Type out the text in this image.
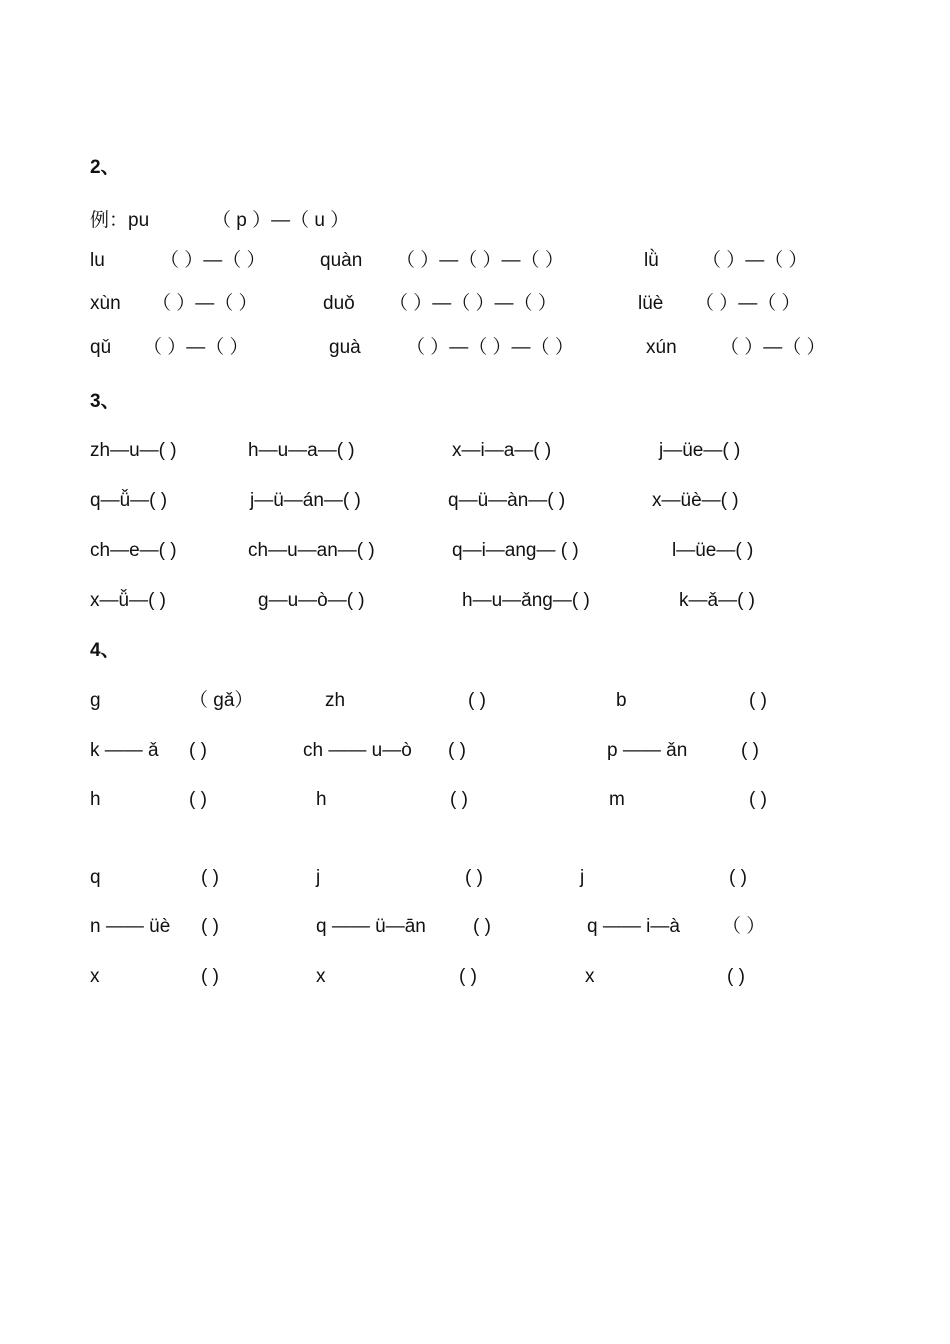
2、
例：pu	（ p ）—（ u ）
lu	（ ）—（ ）	quàn （ ）—（ ）—（ ）	lǜ （ ）—（ ）
xùn （ ）—（ ）	duǒ （ ）—（ ）—（ ）	lüè （ ）—（ ）
qǔ （ ）—（ ）	guà （ ）—（ ）—（ ）	xún （ ）—（ ）
3、
zh—u—( )	h—u—a—( )	x—i—a—( )	j—üe—( )
q—ǚ—( )	j—ü—án—( )	q—ü—àn—( )	x—üè—( )
ch—e—( )	ch—u—an—( )	q—i—ang— ( )	l—üe—( )
x—ǚ—( )	g—u—ò—( )	h—u—ǎng—( )	k—ǎ—( )
4、
g	（ gǎ）	zh	( )	b	( )
k —— ǎ ( )	ch —— u—ò ( )	p —— ǎn	( )
h	( )	h	( )	m	( )
q	( )	j	( )	j	( )
n —— üè ( )	q —— ü—ān ( )	q —— i—à （ ）
x	( )	x	( )	x	( )
